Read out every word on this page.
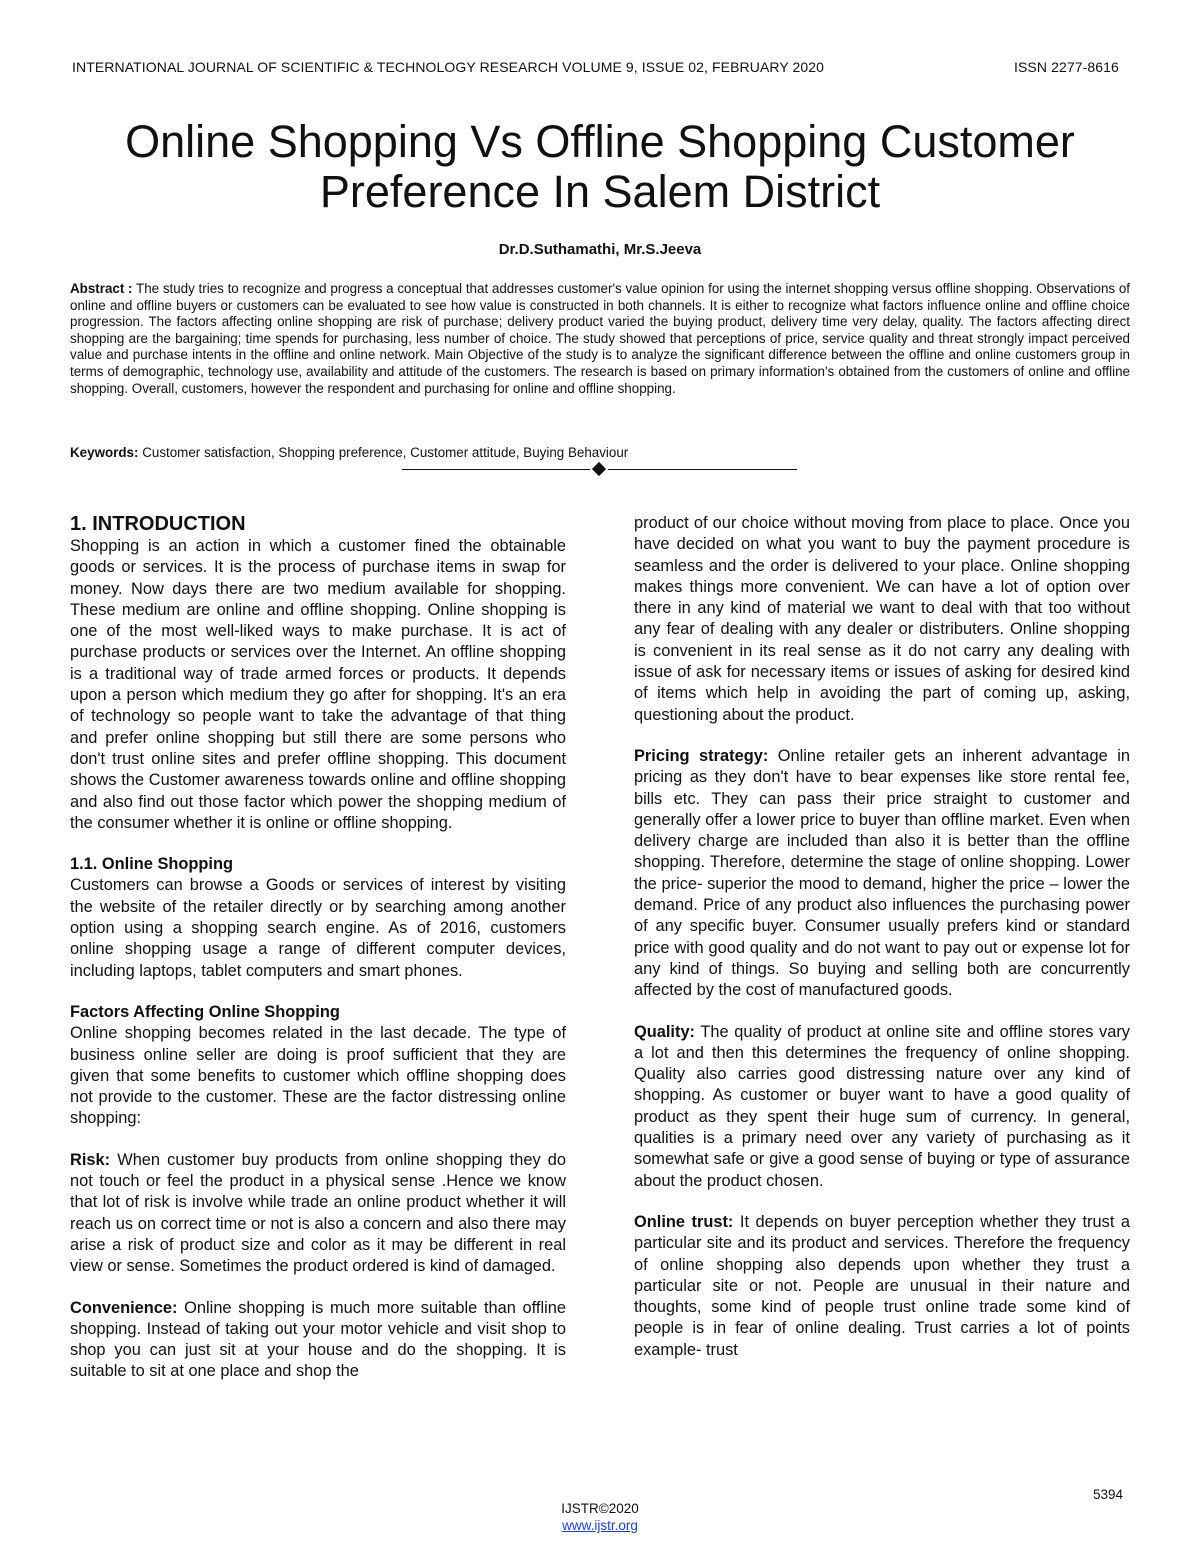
INTERNATIONAL JOURNAL OF SCIENTIFIC & TECHNOLOGY RESEARCH VOLUME 9, ISSUE 02, FEBRUARY 2020	ISSN 2277-8616
Online Shopping Vs Offline Shopping Customer
Preference In Salem District
Dr.D.Suthamathi, Mr.S.Jeeva

Abstract : The study tries to recognize and progress a conceptual that addresses customer's value opinion for using the internet shopping versus offline shopping. Observations of online and offline buyers or customers can be evaluated to see how value is constructed in both channels. It is either to recognize what factors influence online and offline choice progression. The factors affecting online shopping are risk of purchase; delivery product varied the buying product, delivery time very delay, quality. The factors affecting direct shopping are the bargaining; time spends for purchasing, less number of choice. The study showed that perceptions of price, service quality and threat strongly impact perceived value and purchase intents in the offline and online network. Main Objective of the study is to analyze the significant difference between the offline and online customers group in terms of demographic, technology use, availability and attitude of the customers. The research is based on primary information's obtained from the customers of online and offline shopping. Overall, customers, however the respondent and purchasing for online and offline shopping.

Keywords: Customer satisfaction, Shopping preference, Customer attitude, Buying Behaviour

1. INTRODUCTION

Shopping is an action in which a customer fined the obtainable goods or services. It is the process of purchase items in swap for money. Now days there are two medium available for shopping. These medium are online and offline shopping. Online shopping is one of the most well-liked ways to make purchase. It is act of purchase products or services over the Internet. An offline shopping is a traditional way of trade armed forces or products. It depends upon a person which medium they go after for shopping. It's an era of technology so people want to take the advantage of that thing and prefer online shopping but still there are some persons who don't trust online sites and prefer offline shopping. This document shows the Customer awareness towards online and offline shopping and also find out those factor which power the shopping medium of the consumer whether it is online or offline shopping.

1.1. Online Shopping

Customers can browse a Goods or services of interest by visiting the website of the retailer directly or by searching among another option using a shopping search engine. As of 2016, customers online shopping usage a range of different computer devices, including laptops, tablet computers and smart phones.

Factors Affecting Online Shopping

Online shopping becomes related in the last decade. The type of business online seller are doing is proof sufficient that they are given that some benefits to customer which offline shopping does not provide to the customer. These are the factor distressing online shopping:

Risk: When customer buy products from online shopping they do not touch or feel the product in a physical sense .Hence we know that lot of risk is involve while trade an online product whether it will reach us on correct time or not is also a concern and also there may arise a risk of product size and color as it may be different in real view or sense. Sometimes the product ordered is kind of damaged.

Convenience: Online shopping is much more suitable than offline shopping. Instead of taking out your motor vehicle and visit shop to shop you can just sit at your house and do the shopping. It is suitable to sit at one place and shop the

product of our choice without moving from place to place. Once you have decided on what you want to buy the payment procedure is seamless and the order is delivered to your place. Online shopping makes things more convenient. We can have a lot of option over there in any kind of material we want to deal with that too without any fear of dealing with any dealer or distributers. Online shopping is convenient in its real sense as it do not carry any dealing with issue of ask for necessary items or issues of asking for desired kind of items which help in avoiding the part of coming up, asking, questioning about the product.

Pricing strategy: Online retailer gets an inherent advantage in pricing as they don't have to bear expenses like store rental fee, bills etc. They can pass their price straight to customer and generally offer a lower price to buyer than offline market. Even when delivery charge are included than also it is better than the offline shopping. Therefore, determine the stage of online shopping. Lower the price- superior the mood to demand, higher the price – lower the demand. Price of any product also influences the purchasing power of any specific buyer. Consumer usually prefers kind or standard price with good quality and do not want to pay out or expense lot for any kind of things. So buying and selling both are concurrently affected by the cost of manufactured goods.

Quality: The quality of product at online site and offline stores vary a lot and then this determines the frequency of online shopping. Quality also carries good distressing nature over any kind of shopping. As customer or buyer want to have a good quality of product as they spent their huge sum of currency. In general, qualities is a primary need over any variety of purchasing as it somewhat safe or give a good sense of buying or type of assurance about the product chosen.

Online trust: It depends on buyer perception whether they trust a particular site and its product and services. Therefore the frequency of online shopping also depends upon whether they trust a particular site or not. People are unusual in their nature and thoughts, some kind of people trust online trade some kind of people is in fear of online dealing. Trust carries a lot of points example- trust

5394
IJSTR©2020
www.ijstr.org
